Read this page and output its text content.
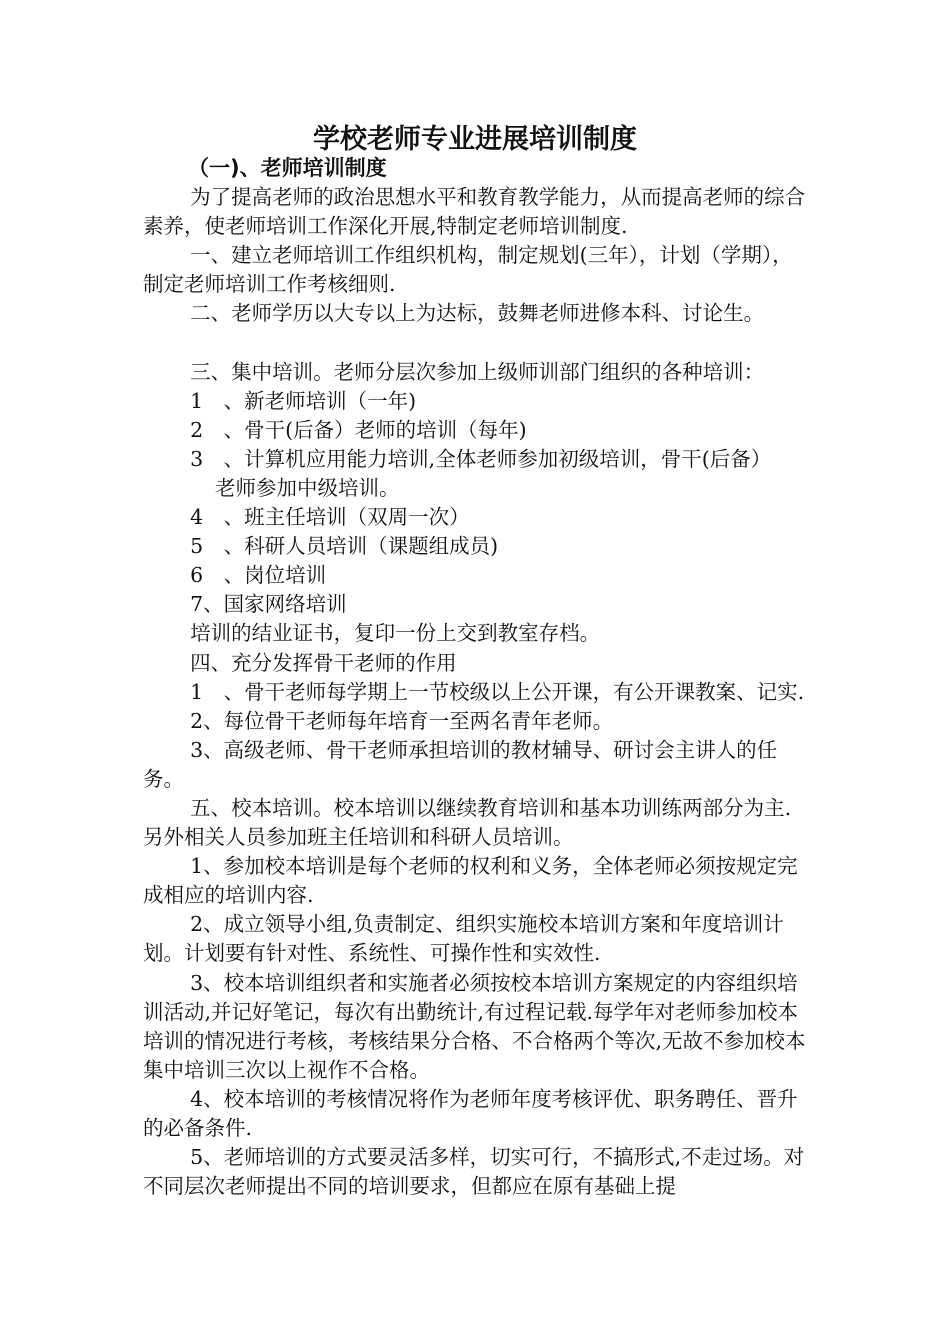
学校老师专业进展培训制度
（一)、老师培训制度

为了提高老师的政治思想水平和教育教学能力，从而提高老师的综合素养，使老师培训工作深化开展,特制定老师培训制度.

一、建立老师培训工作组织机构，制定规划(三年），计划（学期），制定老师培训工作考核细则.

二、老师学历以大专以上为达标，鼓舞老师进修本科、讨论生。

三、集中培训。老师分层次参加上级师训部门组织的各种培训：

1　、新老师培训（一年)

2　、骨干(后备）老师的培训（每年)

3　、计算机应用能力培训,全体老师参加初级培训，骨干(后备）老师参加中级培训。

4　、班主任培训（双周一次）

5　、科研人员培训（课题组成员)

6　、岗位培训

7、国家网络培训

培训的结业证书，复印一份上交到教室存档。

四、充分发挥骨干老师的作用

1　、骨干老师每学期上一节校级以上公开课，有公开课教案、记实.

2、每位骨干老师每年培育一至两名青年老师。

3、高级老师、骨干老师承担培训的教材辅导、研讨会主讲人的任务。

五、校本培训。校本培训以继续教育培训和基本功训练两部分为主.另外相关人员参加班主任培训和科研人员培训。

1、参加校本培训是每个老师的权利和义务，全体老师必须按规定完成相应的培训内容.

2、成立领导小组,负责制定、组织实施校本培训方案和年度培训计划。计划要有针对性、系统性、可操作性和实效性.

3、校本培训组织者和实施者必须按校本培训方案规定的内容组织培训活动,并记好笔记，每次有出勤统计,有过程记载.每学年对老师参加校本培训的情况进行考核，考核结果分合格、不合格两个等次,无故不参加校本集中培训三次以上视作不合格。

4、校本培训的考核情况将作为老师年度考核评优、职务聘任、晋升的必备条件.

5、老师培训的方式要灵活多样，切实可行，不搞形式,不走过场。对不同层次老师提出不同的培训要求，但都应在原有基础上提
